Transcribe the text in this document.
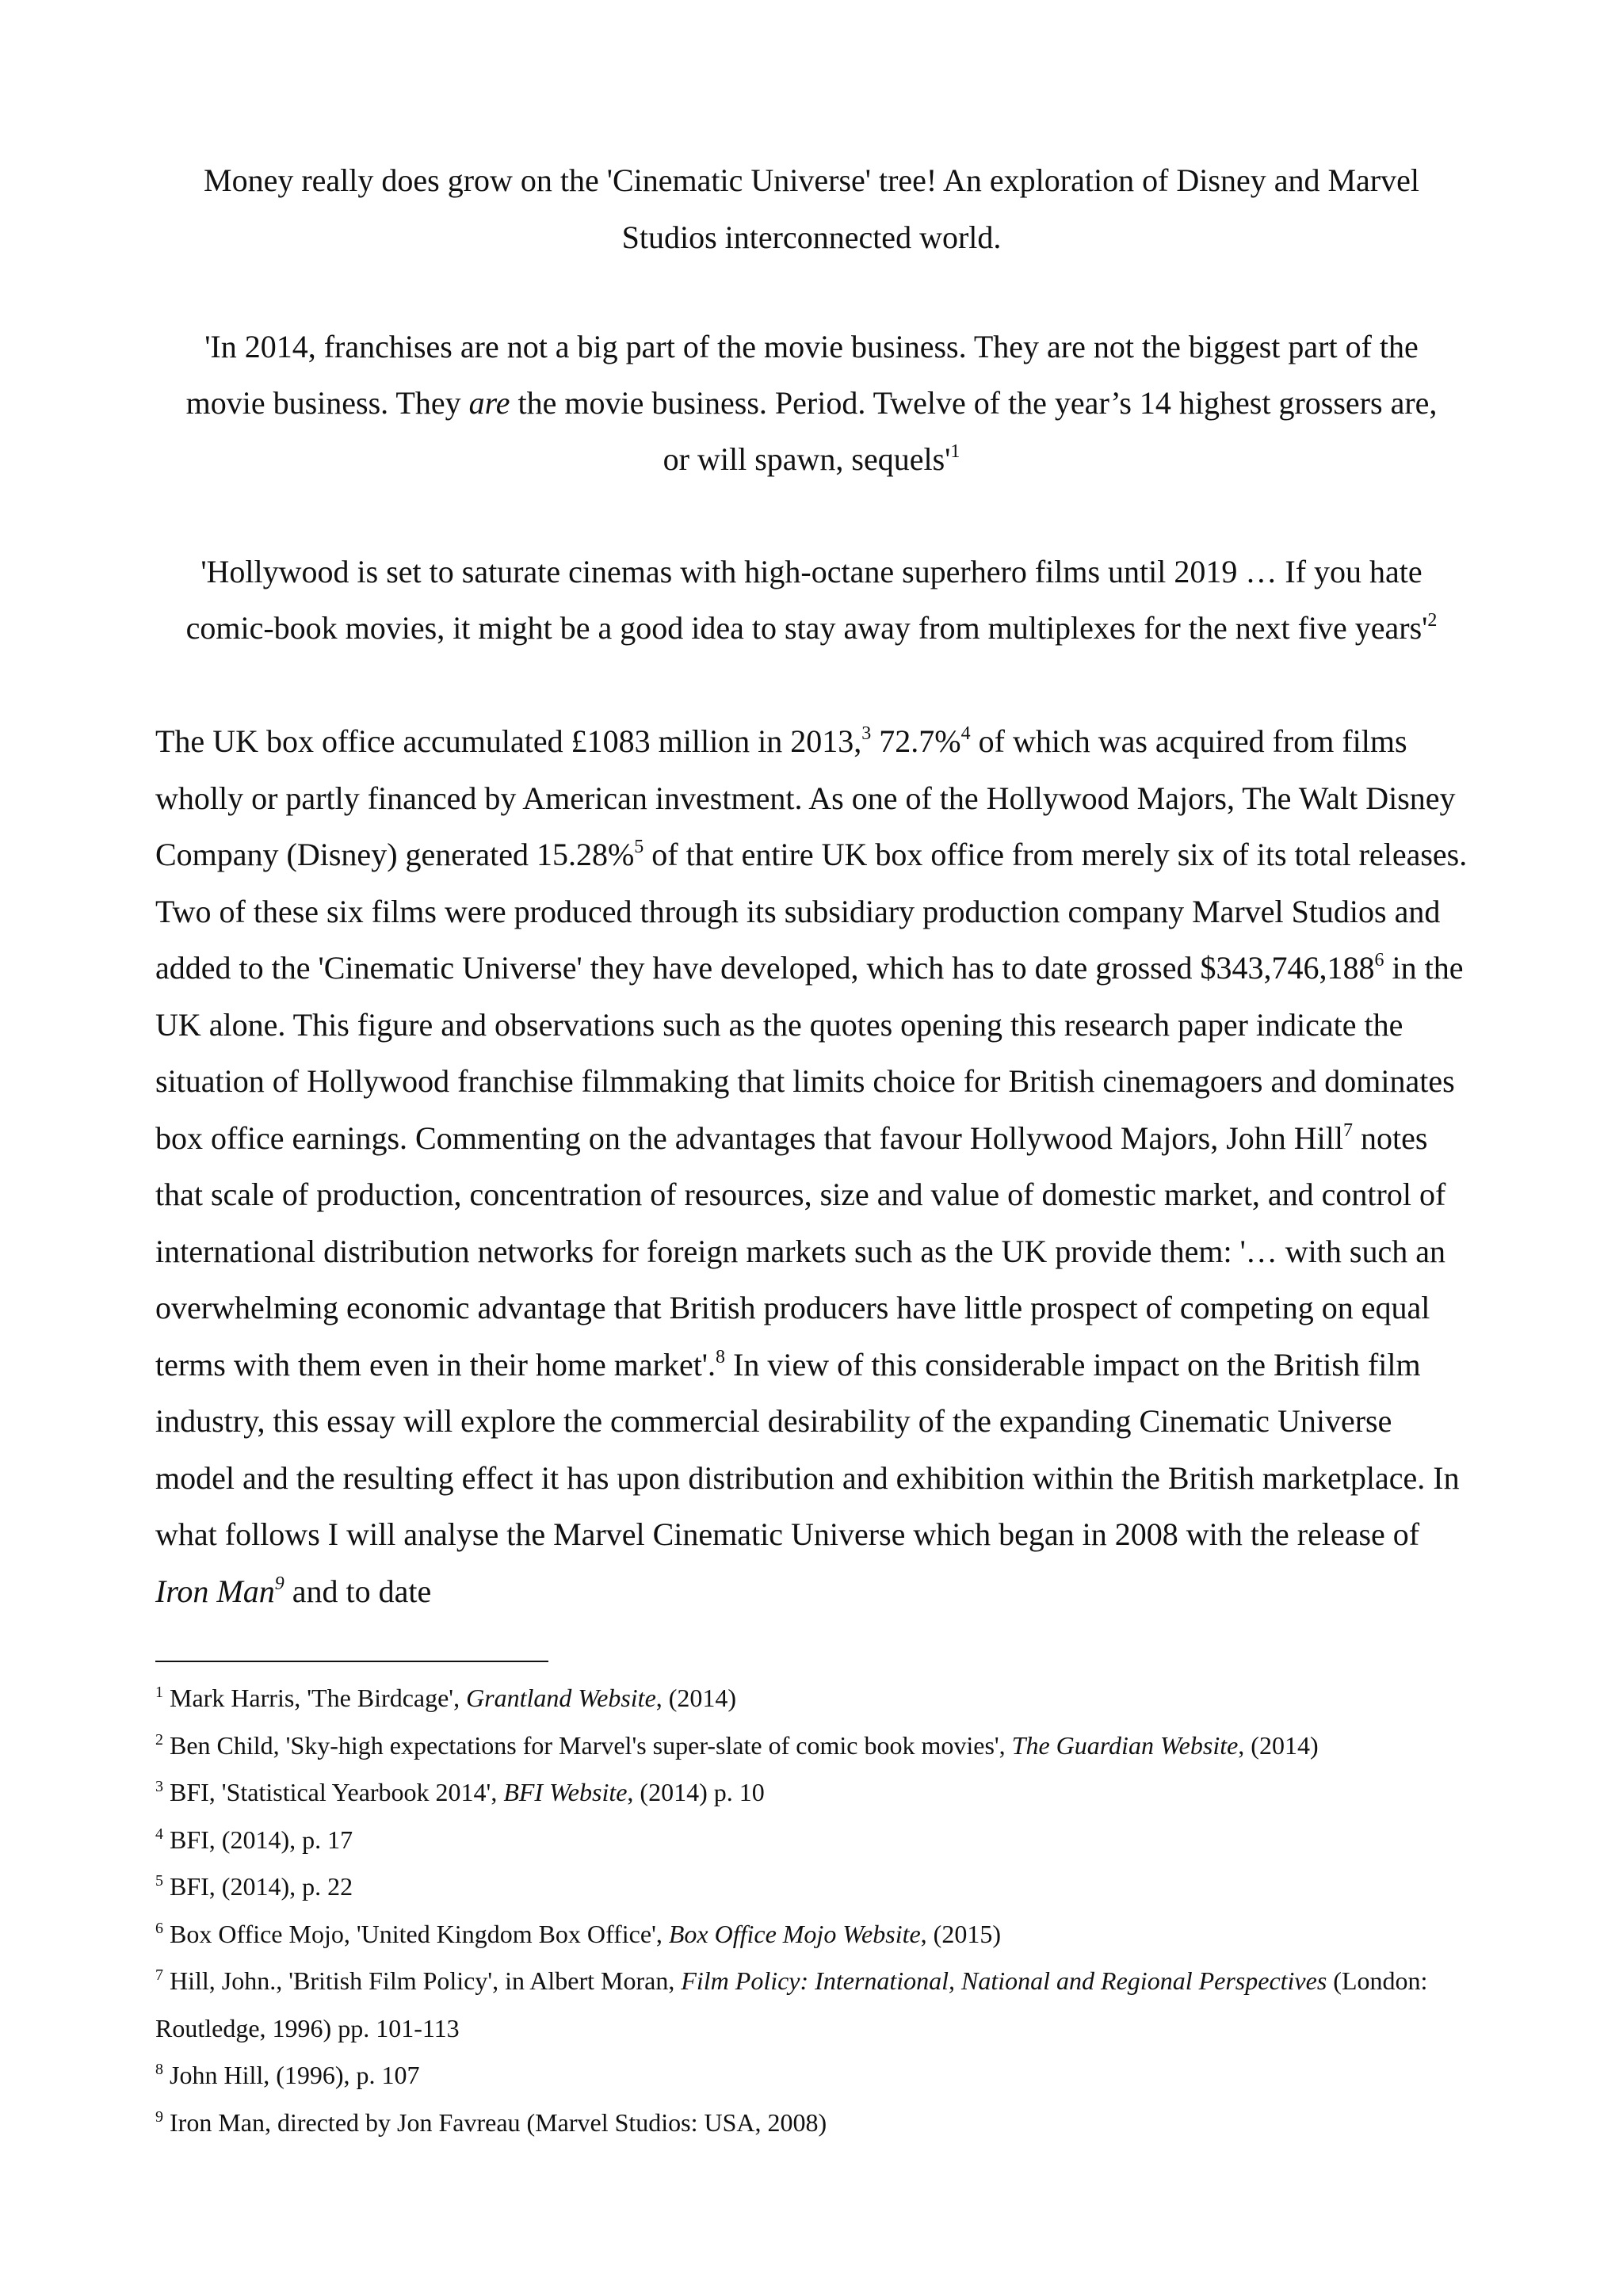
Money really does grow on the 'Cinematic Universe' tree! An exploration of Disney and Marvel
Studios interconnected world.
'In 2014, franchises are not a big part of the movie business. They are not the biggest part of the
movie business. They are the movie business. Period. Twelve of the year’s 14 highest grossers are,
or will spawn, $sequels'^1$
'Hollywood is set to saturate cinemas with high-octane superhero films until 2019 … If you hate
comic-book movies, it might be a good idea to stay away from multiplexes for the next five $years'^2$
The UK box office accumulated £1083 million in 2013,$^3$ 72.7%$^4$ of which was acquired from films wholly or partly financed by American investment. As one of the Hollywood Majors, The Walt Disney Company (Disney) generated 15.28%$^5$ of that entire UK box office from merely six of its total releases. Two of these six films were produced through its subsidiary production company Marvel Studios and added to the 'Cinematic Universe' they have developed, which has to date grossed $343,746,188$^6$ in the UK alone. This figure and observations such as the quotes opening this research paper indicate the situation of Hollywood franchise filmmaking that limits choice for British cinemagoers and dominates box office earnings. Commenting on the advantages that favour Hollywood Majors, John Hill$^7$ notes that scale of production, concentration of resources, size and value of domestic market, and control of international distribution networks for foreign markets such as the UK provide them: '… with such an overwhelming economic advantage that British producers have little prospect of competing on equal terms with them even in their home market'.$^8$ In view of this considerable impact on the British film industry, this essay will explore the commercial desirability of the expanding Cinematic Universe model and the resulting effect it has upon distribution and exhibition within the British marketplace. In what follows I will analyse the Marvel Cinematic Universe which began in 2008 with the release of Iron Man$^9$ and to date
$^1$ Mark Harris, 'The Birdcage', Grantland Website, (2014)
$^2$ Ben Child, 'Sky-high expectations for Marvel's super-slate of comic book movies', The Guardian Website, (2014)
$^3$ BFI, 'Statistical Yearbook 2014', BFI Website, (2014) p. 10
$^4$ BFI, (2014), p. 17
$^5$ BFI, (2014), p. 22
$^6$ Box Office Mojo, 'United Kingdom Box Office', Box Office Mojo Website, (2015)
$^7$ Hill, John., 'British Film Policy', in Albert Moran, Film Policy: International, National and Regional Perspectives (London: Routledge, 1996) pp. 101-113
$^8$ John Hill, (1996), p. 107
$^9$ Iron Man, directed by Jon Favreau (Marvel Studios: USA, 2008)
